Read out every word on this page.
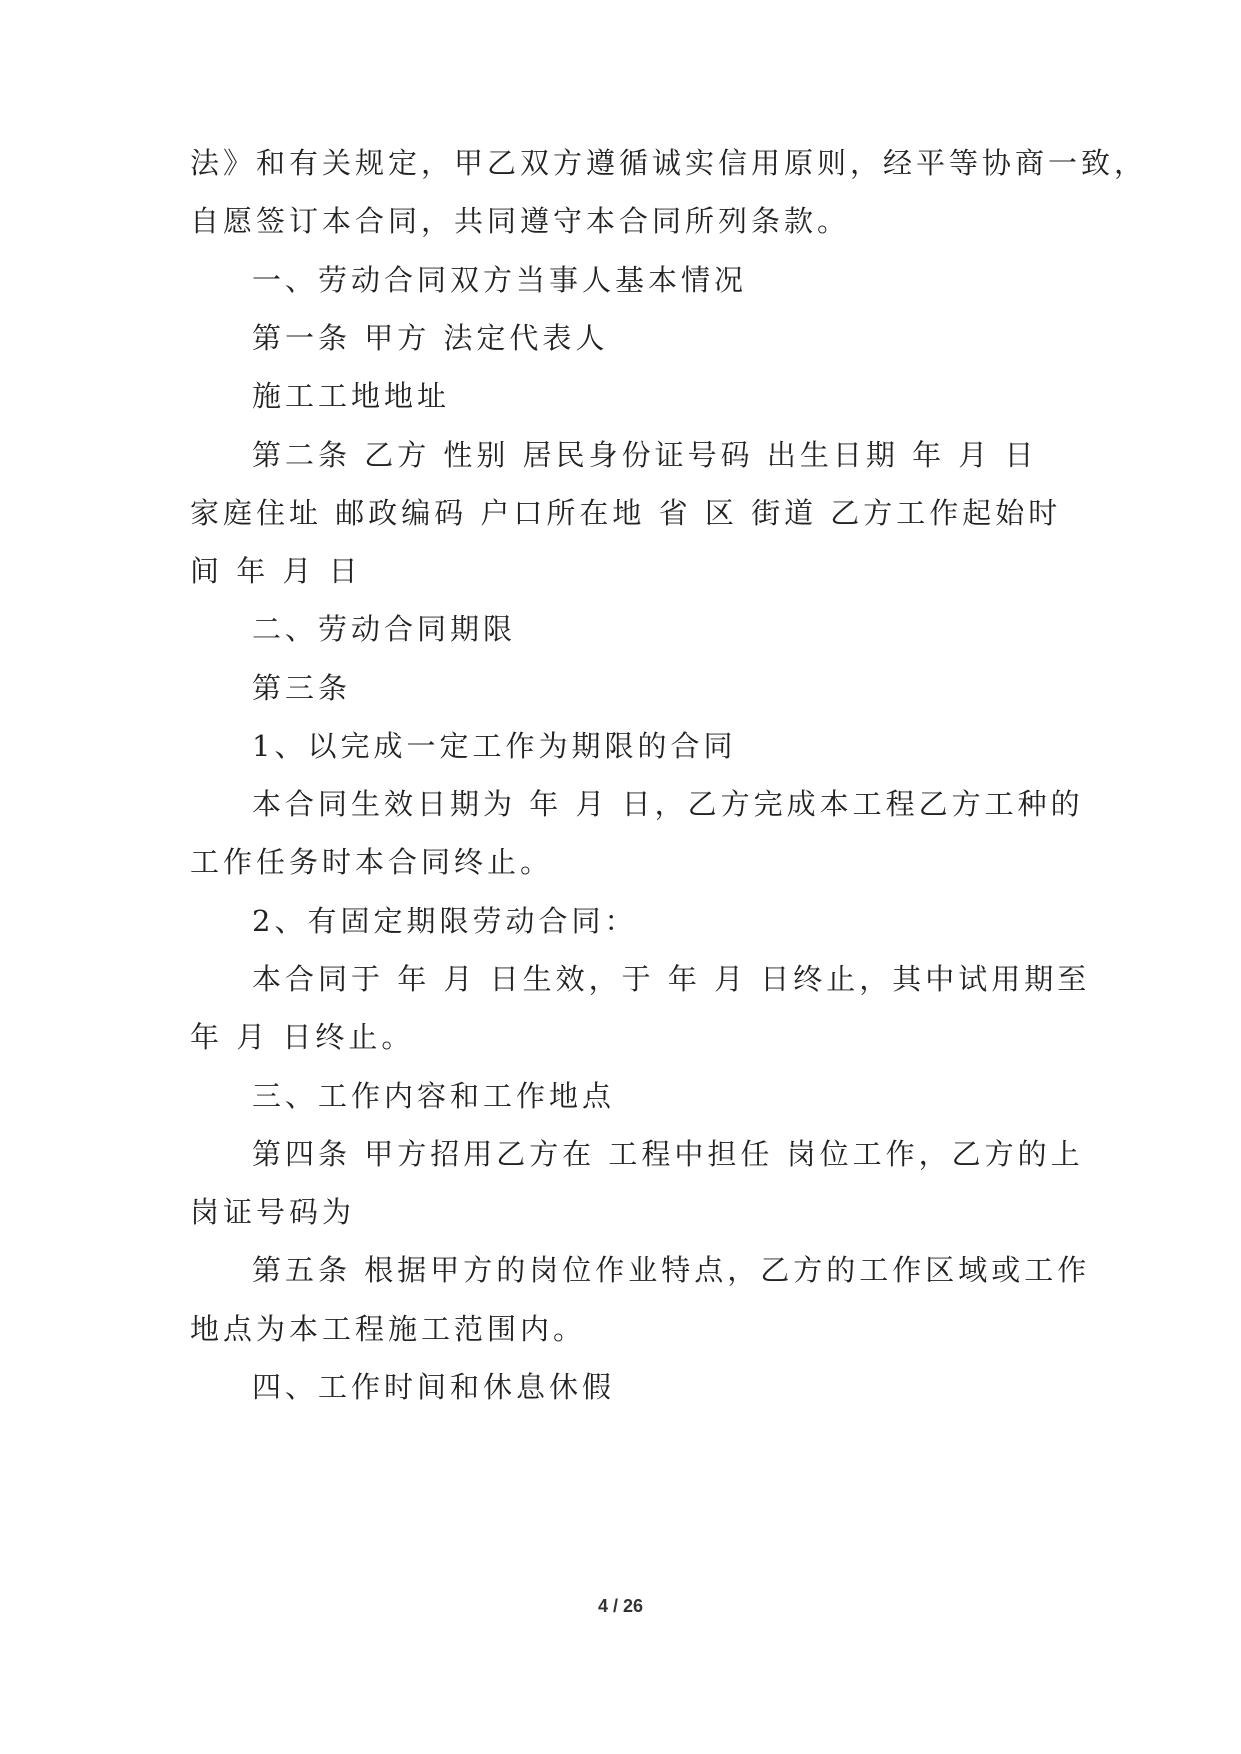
法》和有关规定，甲乙双方遵循诚实信用原则，经平等协商一致，
自愿签订本合同，共同遵守本合同所列条款。
一、劳动合同双方当事人基本情况
第一条 甲方 法定代表人
施工工地地址
第二条 乙方 性别 居民身份证号码 出生日期 年 月 日
家庭住址 邮政编码 户口所在地 省 区 街道 乙方工作起始时
间 年 月 日
二、劳动合同期限
第三条
1、以完成一定工作为期限的合同
本合同生效日期为 年 月 日，乙方完成本工程乙方工种的
工作任务时本合同终止。
2、有固定期限劳动合同：
本合同于 年 月 日生效，于 年 月 日终止，其中试用期至
年 月 日终止。
三、工作内容和工作地点
第四条 甲方招用乙方在 工程中担任 岗位工作，乙方的上
岗证号码为
第五条 根据甲方的岗位作业特点，乙方的工作区域或工作
地点为本工程施工范围内。
四、工作时间和休息休假
4 / 26
